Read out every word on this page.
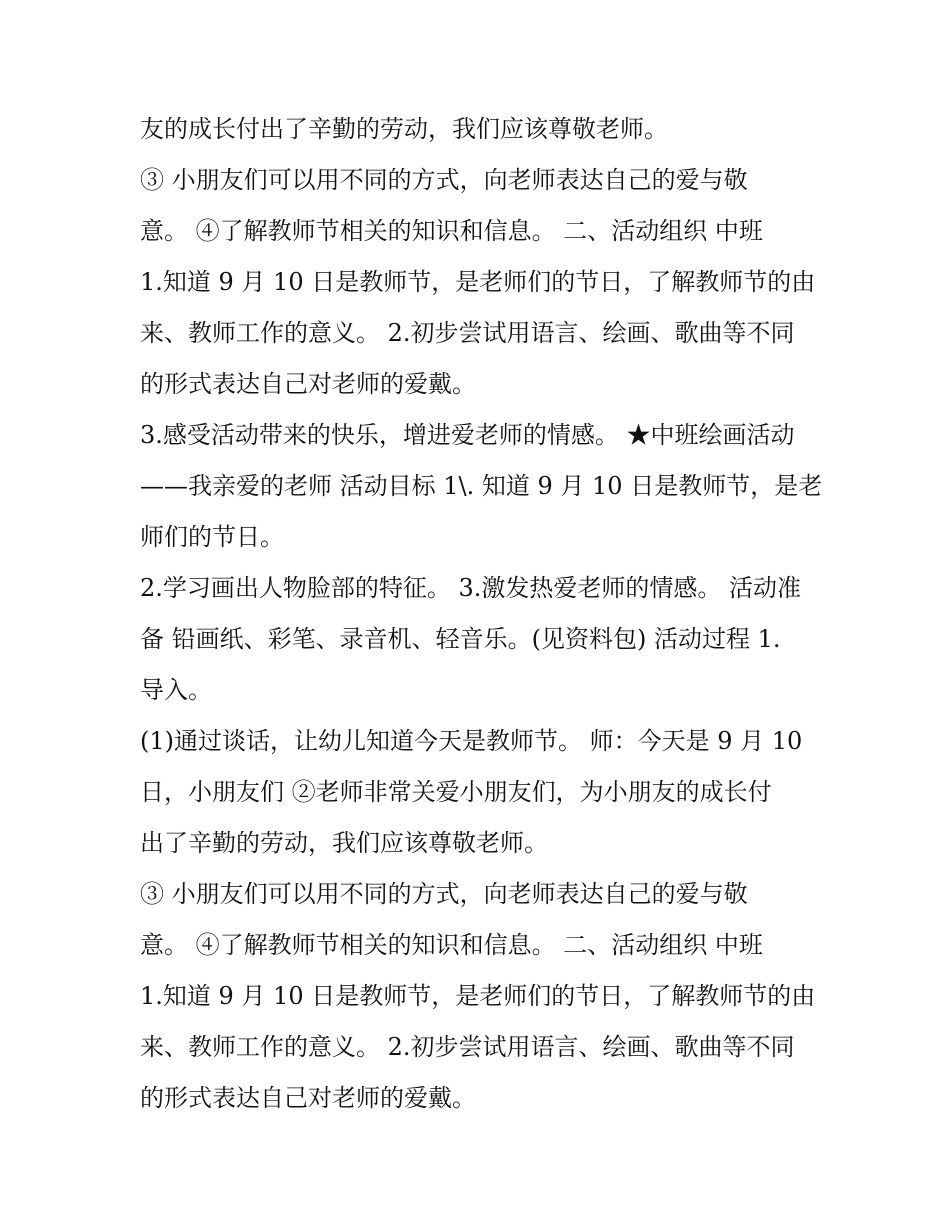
友的成长付出了辛勤的劳动，我们应该尊敬老师。
③ 小朋友们可以用不同的方式，向老师表达自己的爱与敬
意。 ④了解教师节相关的知识和信息。 二、活动组织 中班
1.知道 9 月 10 日是教师节，是老师们的节日，了解教师节的由
来、教师工作的意义。 2.初步尝试用语言、绘画、歌曲等不同
的形式表达自己对老师的爱戴。
3.感受活动带来的快乐，增进爱老师的情感。 ★中班绘画活动
——我亲爱的老师 活动目标 1\. 知道 9 月 10 日是教师节，是老
师们的节日。
2.学习画出人物脸部的特征。 3.激发热爱老师的情感。 活动准
备 铅画纸、彩笔、录音机、轻音乐。(见资料包) 活动过程 1.
导入。
(1)通过谈话，让幼儿知道今天是教师节。 师：今天是 9 月 10
日，小朋友们 ②老师非常关爱小朋友们，为小朋友的成长付
出了辛勤的劳动，我们应该尊敬老师。
③ 小朋友们可以用不同的方式，向老师表达自己的爱与敬
意。 ④了解教师节相关的知识和信息。 二、活动组织 中班
1.知道 9 月 10 日是教师节，是老师们的节日，了解教师节的由
来、教师工作的意义。 2.初步尝试用语言、绘画、歌曲等不同
的形式表达自己对老师的爱戴。
